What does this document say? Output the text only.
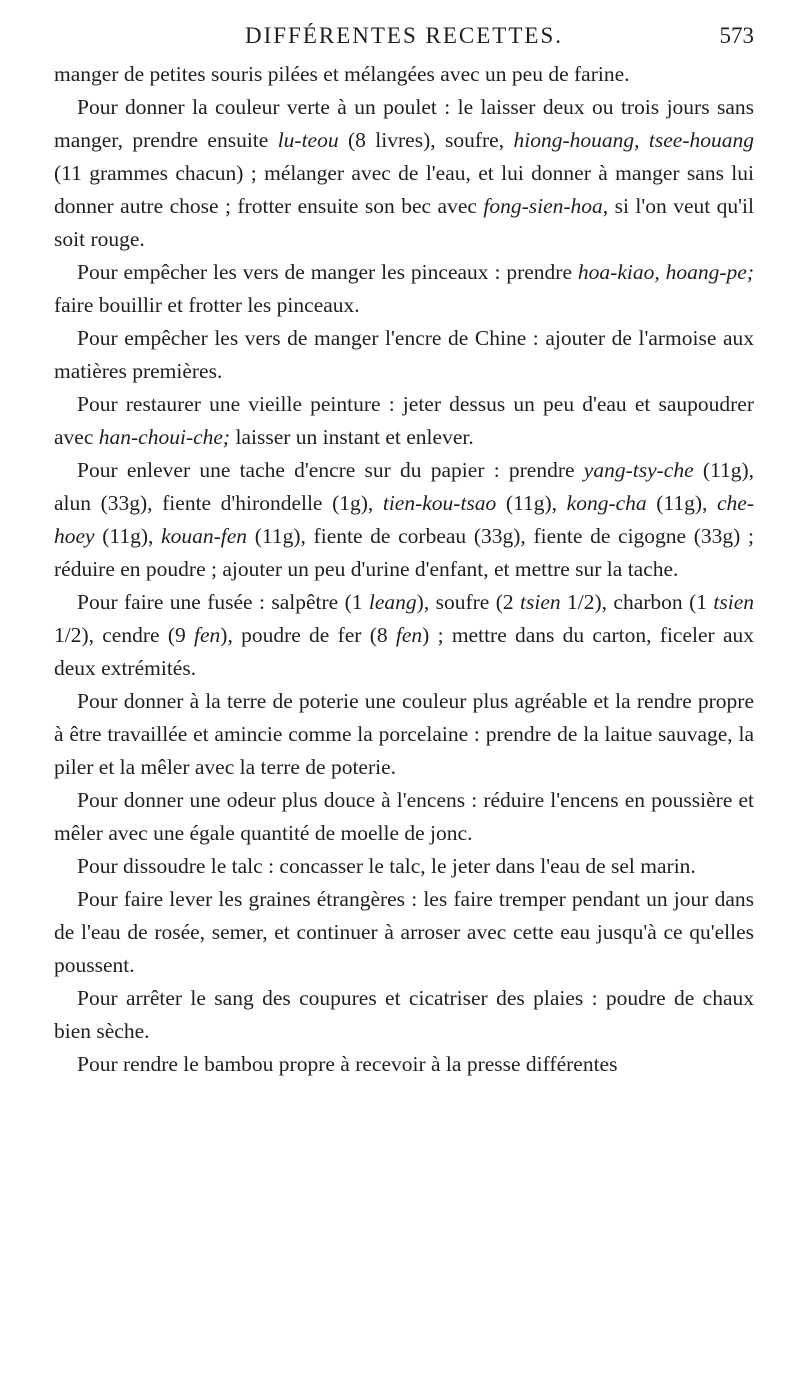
DIFFÉRENTES RECETTES.	573

manger de petites souris pilées et mélangées avec un peu de farine.

Pour donner la couleur verte à un poulet : le laisser deux ou trois jours sans manger, prendre ensuite lu-teou (8 livres), soufre, hiong-houang, tsee-houang (11 grammes chacun) ; mélanger avec de l'eau, et lui donner à manger sans lui donner autre chose ; frotter ensuite son bec avec fong-sien-hoa, si l'on veut qu'il soit rouge.

Pour empêcher les vers de manger les pinceaux : prendre hoa-kiao, hoang-pe; faire bouillir et frotter les pinceaux.

Pour empêcher les vers de manger l'encre de Chine : ajouter de l'armoise aux matières premières.

Pour restaurer une vieille peinture : jeter dessus un peu d'eau et saupoudrer avec han-choui-che; laisser un instant et enlever.

Pour enlever une tache d'encre sur du papier : prendre yang-tsy-che (11g), alun (33g), fiente d'hirondelle (1g), tien-kou-tsao (11g), kong-cha (11g), che-hoey (11g), kouan-fen (11g), fiente de corbeau (33g), fiente de cigogne (33g) ; réduire en poudre ; ajouter un peu d'urine d'enfant, et mettre sur la tache.

Pour faire une fusée : salpêtre (1 leang), soufre (2 tsien 1/2), charbon (1 tsien 1/2), cendre (9 fen), poudre de fer (8 fen) ; mettre dans du carton, ficeler aux deux extrémités.

Pour donner à la terre de poterie une couleur plus agréable et la rendre propre à être travaillée et amincie comme la porcelaine : prendre de la laitue sauvage, la piler et la mêler avec la terre de poterie.

Pour donner une odeur plus douce à l'encens : réduire l'encens en poussière et mêler avec une égale quantité de moelle de jonc.

Pour dissoudre le talc : concasser le talc, le jeter dans l'eau de sel marin.

Pour faire lever les graines étrangères : les faire tremper pendant un jour dans de l'eau de rosée, semer, et continuer à arroser avec cette eau jusqu'à ce qu'elles poussent.

Pour arrêter le sang des coupures et cicatriser des plaies : poudre de chaux bien sèche.

Pour rendre le bambou propre à recevoir à la presse différentes
